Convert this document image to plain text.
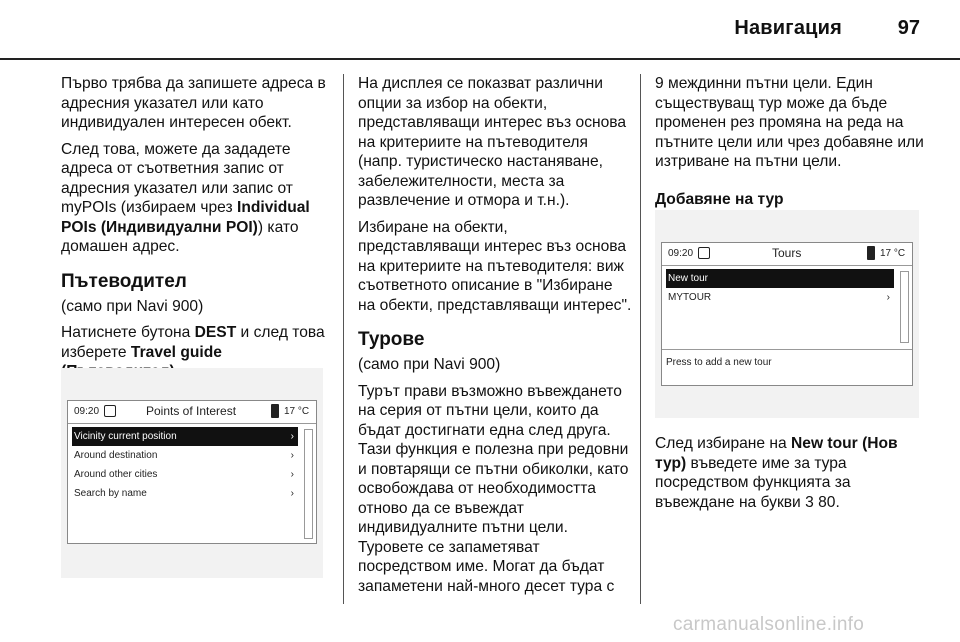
Навигация	97

Първо трябва да запишете адреса в адресния указател или като индивидуален интересен обект.

След това, можете да зададете адреса от съответния запис от адресния указател или запис от myPOIs (избираем чрез Individual POIs (Индивидуални POI)) като домашен адрес.

Пътеводител

(само при Navi 900)

Натиснете бутона DEST и след това изберете Travel guide

09:20	Points of Interest	17 °C
Vicinity current position	›
Around destination	›
Around other cities	›
Search by name	›

На дисплея се показват различни опции за избор на обекти, представляващи интерес въз основа на критериите на пътеводителя (напр. туристическо настаняване, забележителности, места за развлечение и отмора и т.н.).

Избиране на обекти, представляващи интерес въз основа на критериите на пътеводителя: виж съответното описание в "Избиране на обекти, представляващи интерес".

Турове

(само при Navi 900)

Турът прави възможно въвеждането на серия от пътни цели, които да бъдат достигнати една след друга. Тази функция е полезна при редовни и повтарящи се пътни обиколки, като освобождава от необходимостта отново да се въвеждат индивидуалните пътни цели. Туровете се запаметяват посредством име. Могат да бъдат запаметени най-много десет тура с

9 междинни пътни цели. Един съществуващ тур може да бъде променен рез промяна на реда на пътните цели или чрез добавяне или изтриване на пътни цели.

Добавяне на тур
09:20	Tours	17 °C
New tour
MYTOUR	›
Press to add a new tour

След избиране на New tour (Нов тур) въведете име за тура посредством функцията за въвеждане на букви 3 80.

carmanualsonline.info
